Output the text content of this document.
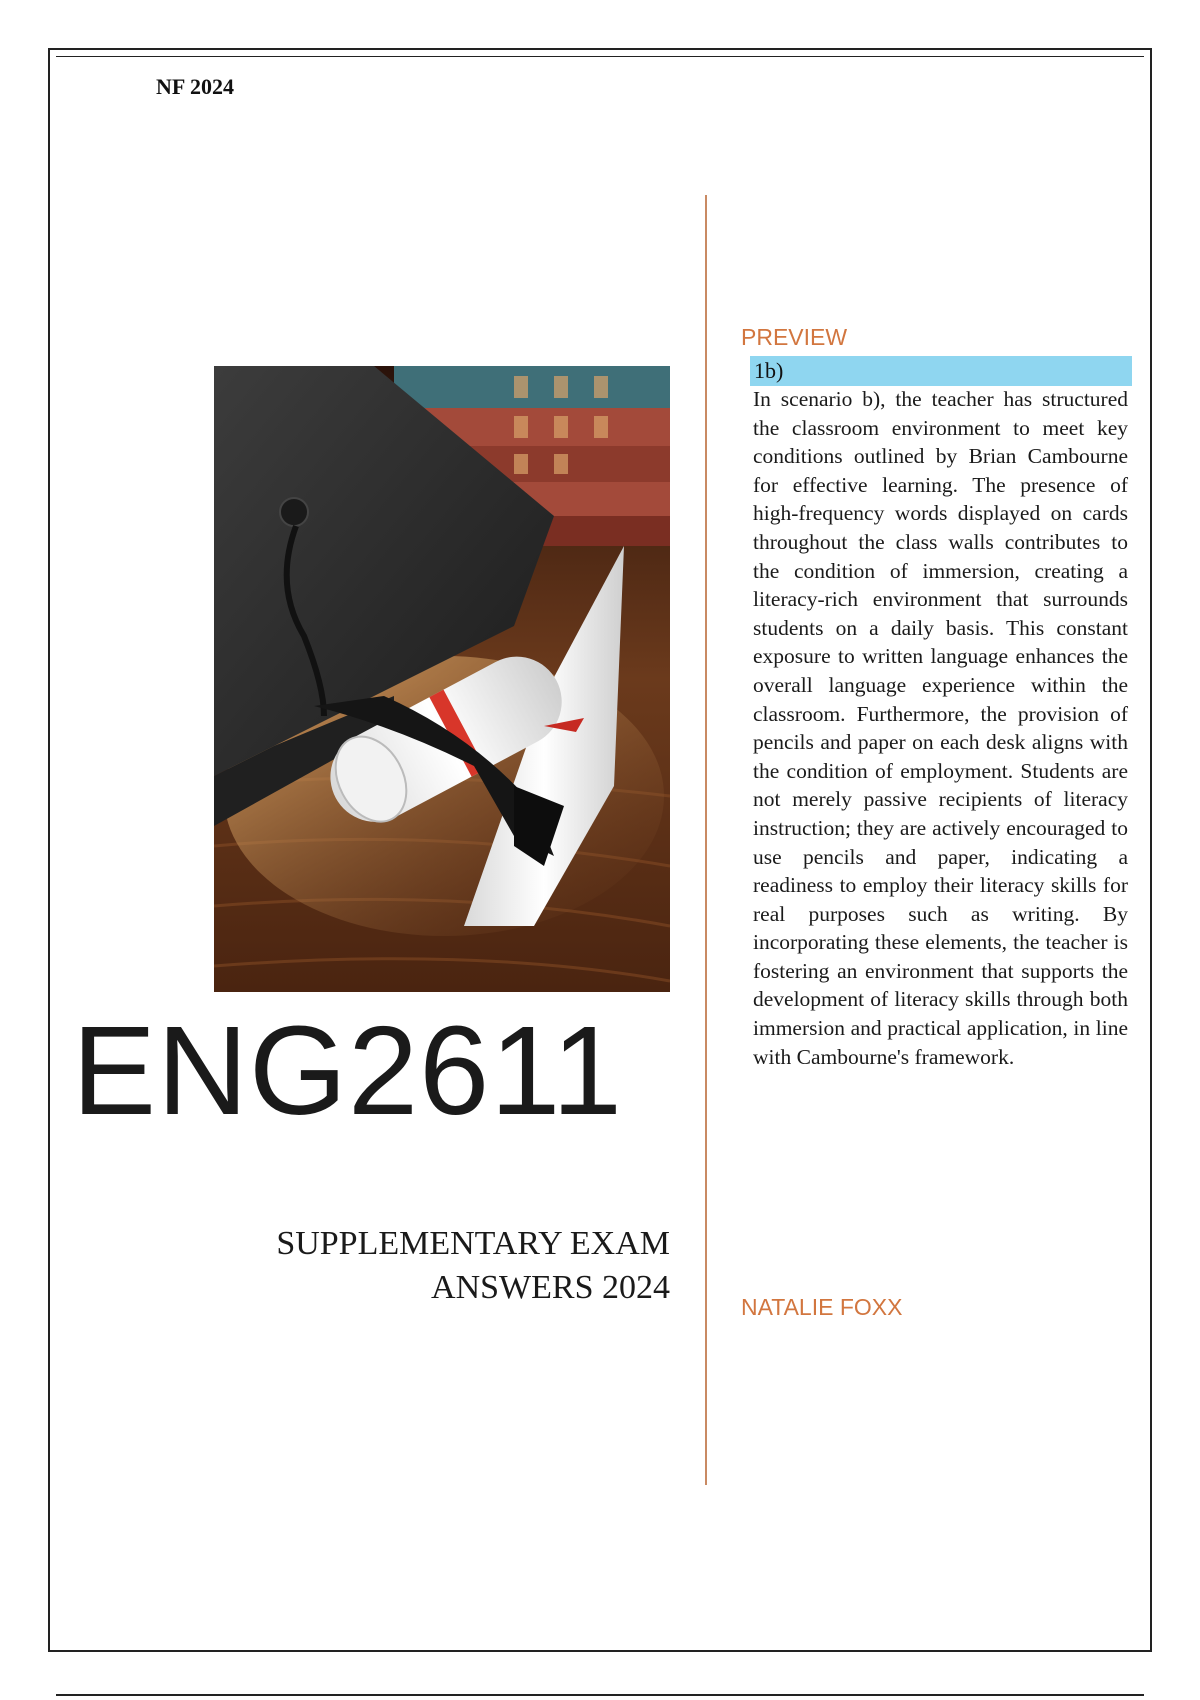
NF 2024
ENG2611
SUPPLEMENTARY EXAM
ANSWERS 2024
PREVIEW
1b)

In scenario b), the teacher has structured the classroom environment to meet key conditions outlined by Brian Cambourne for effective learning. The presence of high-frequency words displayed on cards throughout the class walls contributes to the condition of immersion, creating a literacy-rich environment that surrounds students on a daily basis. This constant exposure to written language enhances the overall language experience within the classroom. Furthermore, the provision of pencils and paper on each desk aligns with the condition of employment. Students are not merely passive recipients of literacy instruction; they are actively encouraged to use pencils and paper, indicating a readiness to employ their literacy skills for real purposes such as writing. By incorporating these elements, the teacher is fostering an environment that supports the development of literacy skills through both immersion and practical application, in line with Cambourne's framework.

NATALIE FOXX
